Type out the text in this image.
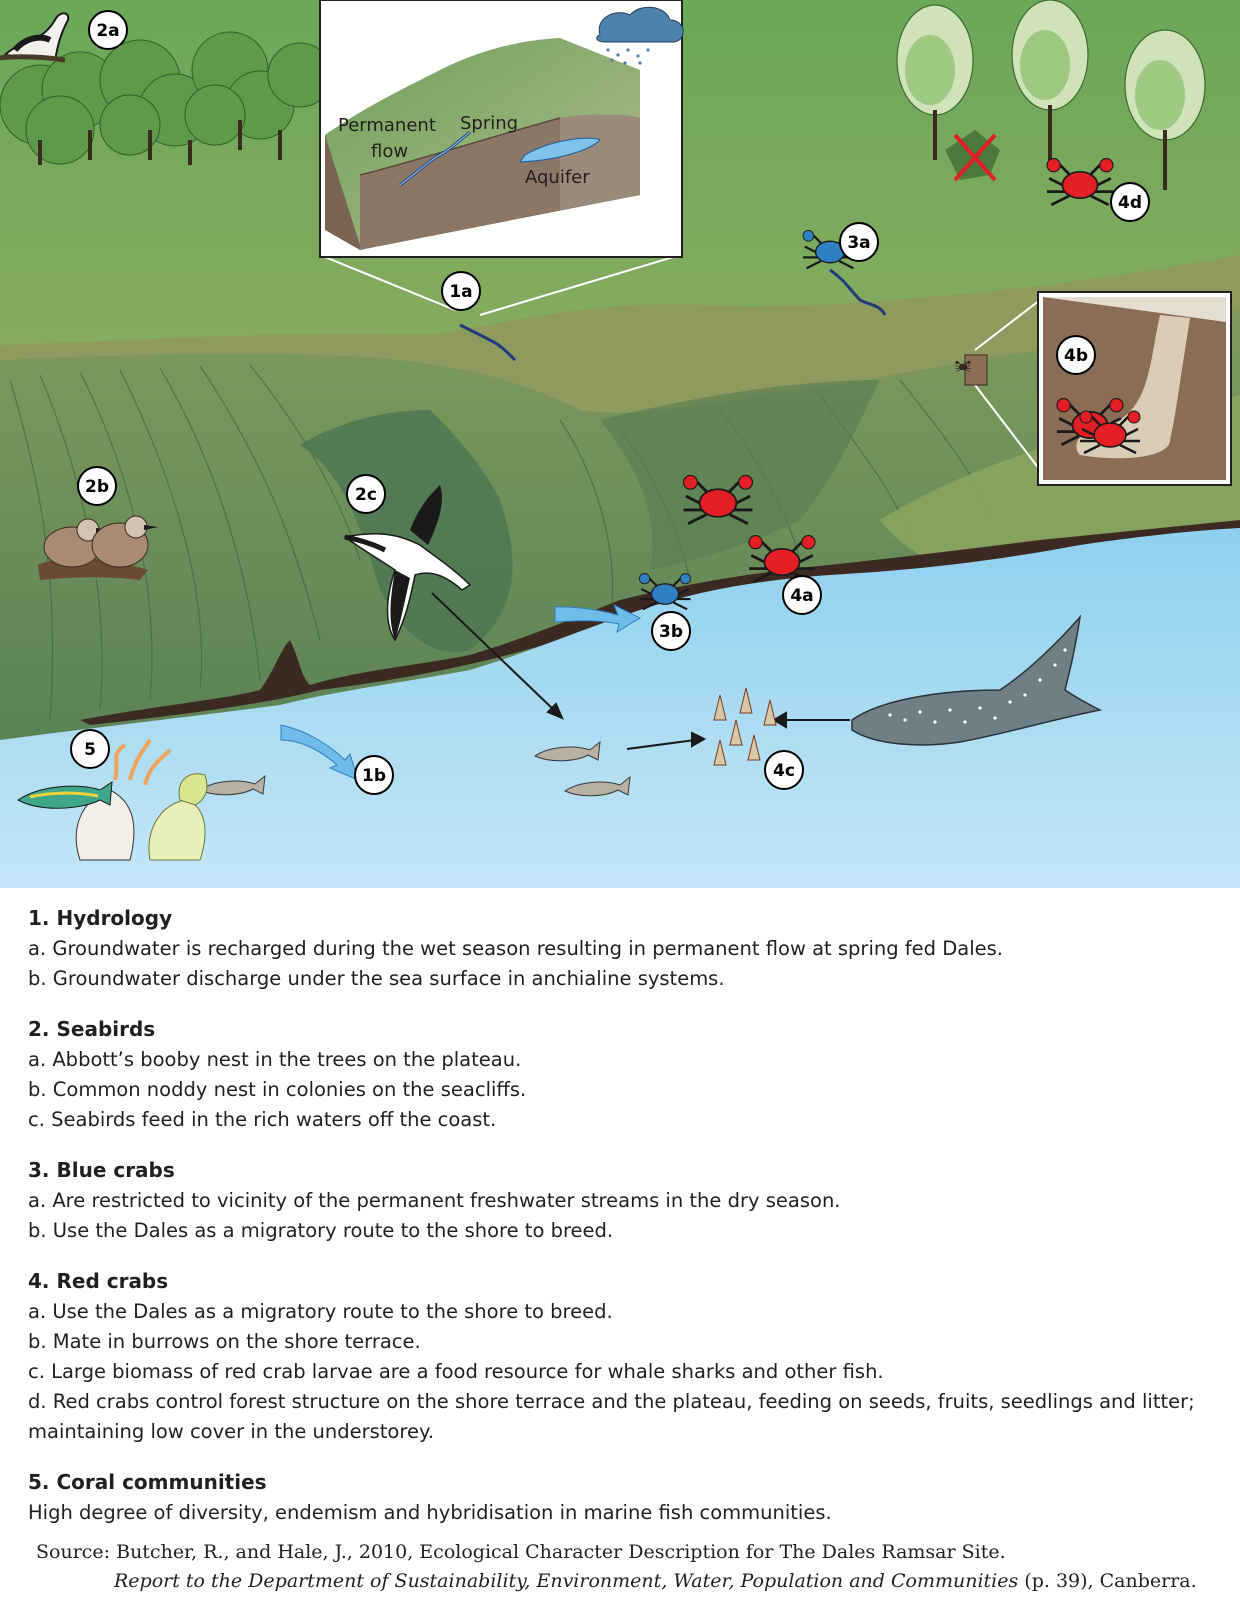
Permanent
flow
Spring
Aquifer
2a
1a
3a
4d
4b
2b	2c
4a
3b
5
1b	4c
1. Hydrology

a. Groundwater is recharged during the wet season resulting in permanent flow at spring fed Dales.

b. Groundwater discharge under the sea surface in anchialine systems.

2. Seabirds

a. Abbott’s booby nest in the trees on the plateau.

b. Common noddy nest in colonies on the seacliffs.

c. Seabirds feed in the rich waters off the coast.

3. Blue crabs

a. Are restricted to vicinity of the permanent freshwater streams in the dry season.

b. Use the Dales as a migratory route to the shore to breed.

4. Red crabs

a. Use the Dales as a migratory route to the shore to breed.

b. Mate in burrows on the shore terrace.

c. Large biomass of red crab larvae are a food resource for whale sharks and other fish.

d. Red crabs control forest structure on the shore terrace and the plateau, feeding on seeds, fruits, seedlings and litter; maintaining low cover in the understorey.

5. Coral communities

High degree of diversity, endemism and hybridisation in marine fish communities.

Source: Butcher, R., and Hale, J., 2010, Ecological Character Description for The Dales Ramsar Site.
Report to the Department of Sustainability, Environment, Water, Population and Communities (p. 39), Canberra.
